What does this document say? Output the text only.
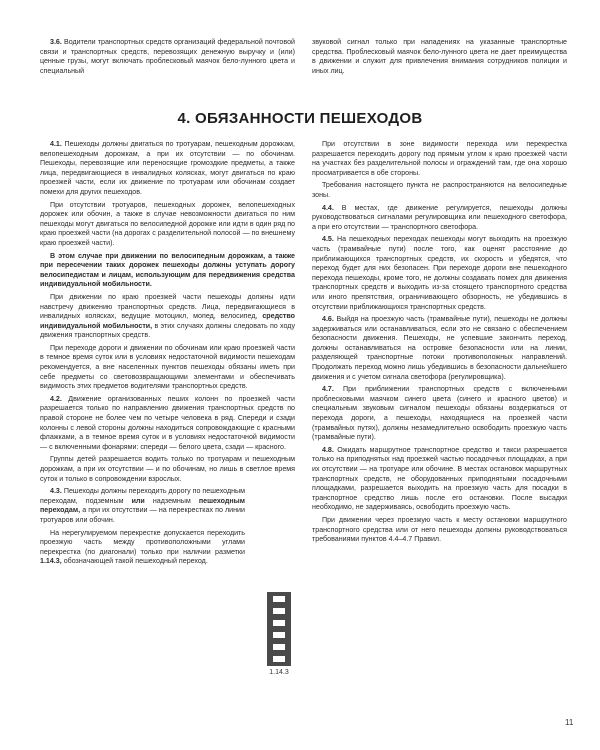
3.6. Водители транспортных средств организаций федеральной почтовой связи и транспортных средств, перевозящих денежную выручку и (или) ценные грузы, могут включать проблесковый маячок бело-лунного цвета и специальный

звуковой сигнал только при нападениях на указанные транспортные средства. Проблесковый маячок бело-лунного цвета не дает преимущества в движении и служит для привлечения внимания сотрудников полиции и иных лиц.

4. ОБЯЗАННОСТИ ПЕШЕХОДОВ

4.1. Пешеходы должны двигаться по тротуарам, пешеходным дорожкам, велопешеходным дорожкам, а при их отсутствии — по обочинам. Пешеходы, перевозящие или переносящие громоздкие предметы, а также лица, передвигающиеся в инвалидных колясках, могут двигаться по краю проезжей части, если их движение по тротуарам или обочинам создает помехи для других пешеходов.

При отсутствии тротуаров, пешеходных дорожек, велопешеходных дорожек или обочин, а также в случае невозможности двигаться по ним пешеходы могут двигаться по велосипедной дорожке или идти в один ряд по краю проезжей части (на дорогах с разделительной полосой — по внешнему краю проезжей части).

В этом случае при движении по велосипедным дорожкам, а также при пересечении таких дорожек пешеходы должны уступать дорогу велосипедистам и лицам, использующим для передвижения средства индивидуальной мобильности.

При движении по краю проезжей части пешеходы должны идти навстречу движению транспортных средств. Лица, передвигающиеся в инвалидных колясках, ведущие мотоцикл, мопед, велосипед, средство индивидуальной мобильности, в этих случаях должны следовать по ходу движения транспортных средств.

При переходе дороги и движении по обочинам или краю проезжей части в темное время суток или в условиях недостаточной видимости пешеходам рекомендуется, а вне населенных пунктов пешеходы обязаны иметь при себе предметы со световозвращающими элементами и обеспечивать видимость этих предметов водителями транспортных средств.

4.2. Движение организованных пеших колонн по проезжей части разрешается только по направлению движения транспортных средств по правой стороне не более чем по четыре человека в ряд. Спереди и сзади колонны с левой стороны должны находиться сопровождающие с красными флажками, а в темное время суток и в условиях недостаточной видимости — с включенными фонарями: спереди — белого цвета, сзади — красного.

Группы детей разрешается водить только по тротуарам и пешеходным дорожкам, а при их отсутствии — и по обочинам, но лишь в светлое время суток и только в сопровождении взрослых.

4.3. Пешеходы должны переходить дорогу по пешеходным переходам, подземным или надземным пешеходным переходам, а при их отсутствии — на перекрестках по линии тротуаров или обочин.

На нерегулируемом перекрестке допускается переходить проезжую часть между противоположными углами перекрестка (по диагонали) только при наличии разметки 1.14.3, обозначающей такой пешеходный переход.

1.14.3

При отсутствии в зоне видимости перехода или перекрестка разрешается переходить дорогу под прямым углом к краю проезжей части на участках без разделительной полосы и ограждений там, где она хорошо просматривается в обе стороны.

Требования настоящего пункта не распространяются на велосипедные зоны.

4.4. В местах, где движение регулируется, пешеходы должны руководствоваться сигналами регулировщика или пешеходного светофора, а при его отсутствии — транспортного светофора.

4.5. На пешеходных переходах пешеходы могут выходить на проезжую часть (трамвайные пути) после того, как оценят расстояние до приближающихся транспортных средств, их скорость и убедятся, что переход будет для них безопасен. При переходе дороги вне пешеходного перехода пешеходы, кроме того, не должны создавать помех для движения транспортных средств и выходить из-за стоящего транспортного средства или иного препятствия, ограничивающего обзорность, не убедившись в отсутствии приближающихся транспортных средств.

4.6. Выйдя на проезжую часть (трамвайные пути), пешеходы не должны задерживаться или останавливаться, если это не связано с обеспечением безопасности движения. Пешеходы, не успевшие закончить переход, должны останавливаться на островке безопасности или на линии, разделяющей транспортные потоки противоположных направлений. Продолжать переход можно лишь убедившись в безопасности дальнейшего движения и с учетом сигнала светофора (регулировщика).

4.7. При приближении транспортных средств с включенными проблесковыми маячком синего цвета (синего и красного цветов) и специальным звуковым сигналом пешеходы обязаны воздержаться от перехода дороги, а пешеходы, находящиеся на проезжей части (трамвайных путях), должны незамедлительно освободить проезжую часть (трамвайные пути).

4.8. Ожидать маршрутное транспортное средство и такси разрешается только на приподнятых над проезжей частью посадочных площадках, а при их отсутствии — на тротуаре или обочине. В местах остановок маршрутных транспортных средств, не оборудованных приподнятыми посадочными площадками, разрешается выходить на проезжую часть для посадки в транспортное средство лишь после его остановки. После высадки необходимо, не задерживаясь, освободить проезжую часть.

При движении через проезжую часть к месту остановки маршрутного транспортного средства или от него пешеходы должны руководствоваться требованиями пунктов 4.4–4.7 Правил.

11
